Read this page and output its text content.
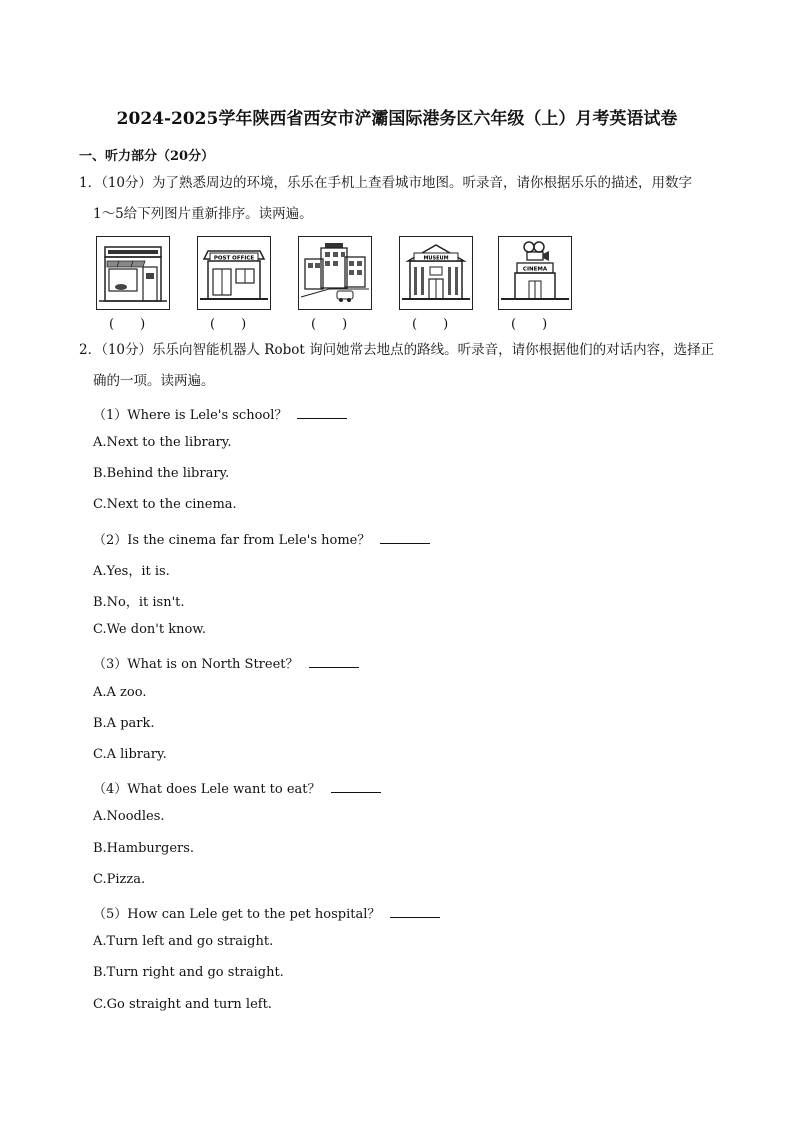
2024-2025学年陕西省西安市浐灞国际港务区六年级（上）月考英语试卷
一、听力部分（20分）
1．（10分）为了熟悉周边的环境，乐乐在手机上查看城市地图。听录音，请你根据乐乐的描述，用数字
1～5给下列图片重新排序。读两遍。
POST OFFICE	MUSEUM
CINEMA
(　　)	(　　)	(　　)	(　　)	(　　)
2．（10分）乐乐向智能机器人 Robot 询问她常去地点的路线。听录音，请你根据他们的对话内容，选择正
确的一项。读两遍。
（1）Where is Lele's school？
A.Next to the library.
B.Behind the library.
C.Next to the cinema.
（2）Is the cinema far from Lele's home？
A.Yes，it is.
B.No，it isn't.
C.We don't know.
（3）What is on North Street？
A.A zoo.
B.A park.
C.A library.
（4）What does Lele want to eat？
A.Noodles.
B.Hamburgers.
C.Pizza.
（5）How can Lele get to the pet hospital？
A.Turn left and go straight.
B.Turn right and go straight.
C.Go straight and turn left.
